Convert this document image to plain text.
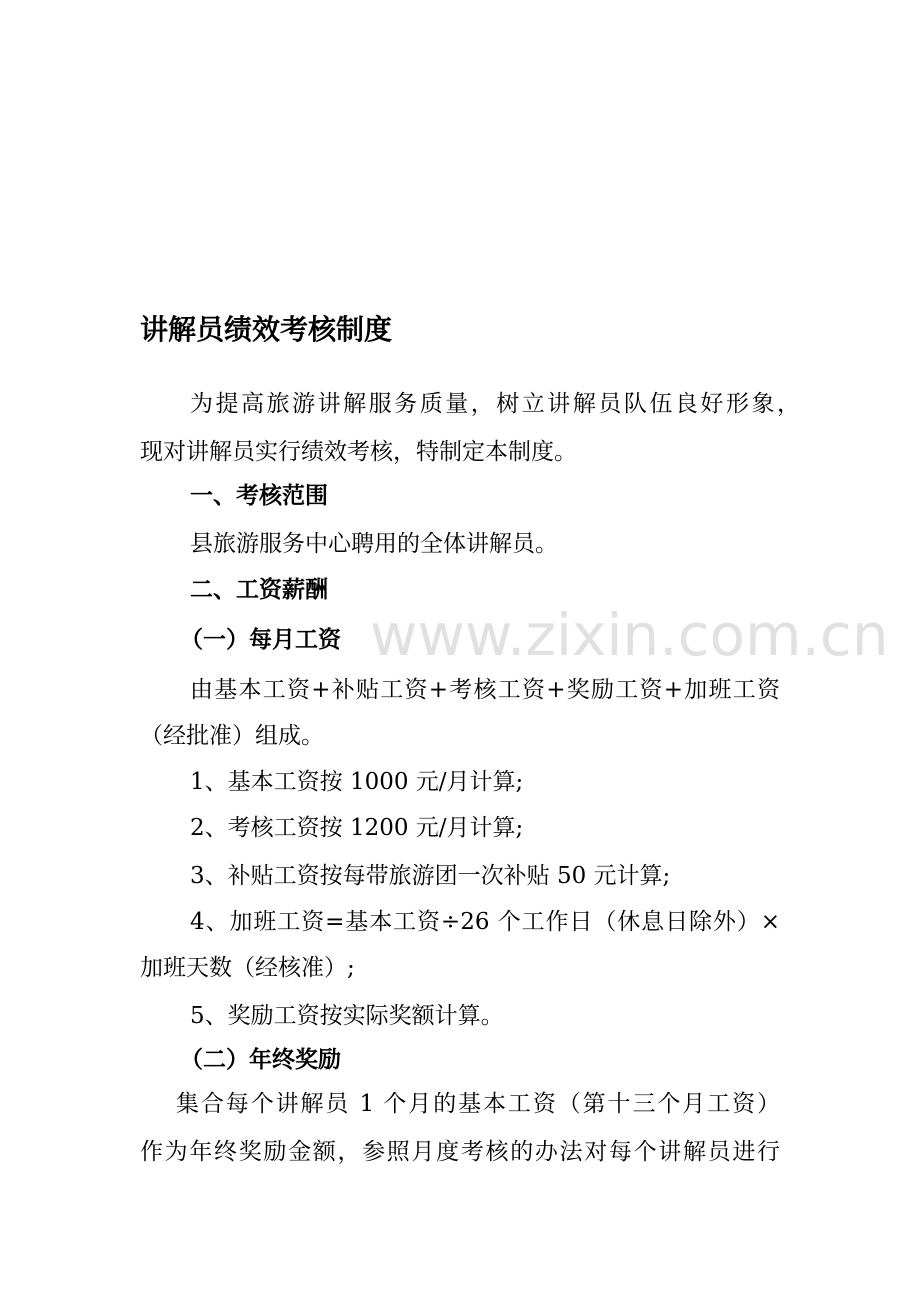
讲解员绩效考核制度

为提高旅游讲解服务质量，树立讲解员队伍良好形象，

现对讲解员实行绩效考核，特制定本制度。

一、考核范围

县旅游服务中心聘用的全体讲解员。

二、工资薪酬

（一）每月工资

由基本工资+补贴工资+考核工资+奖励工资+加班工资

（经批准）组成。

1、基本工资按 1000 元/月计算;

2、考核工资按 1200 元/月计算;

3、补贴工资按每带旅游团一次补贴 50 元计算;

4、加班工资=基本工资÷26 个工作日（休息日除外）×

加班天数（经核准）;

5、奖励工资按实际奖额计算。

（二）年终奖励

集合每个讲解员 1 个月的基本工资（第十三个月工资）

作为年终奖励金额，参照月度考核的办法对每个讲解员进行

www.zixin.com.cn
